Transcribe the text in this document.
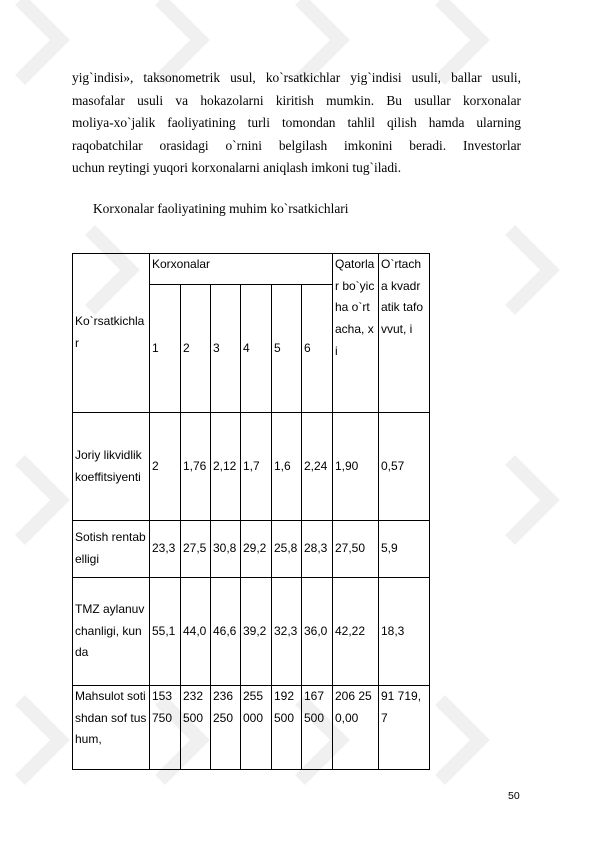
yig`indisi», taksonometrik usul, ko`rsatkichlar yig`indisi usuli, ballar usuli,
masofalar usuli va hokazolarni kiritish mumkin. Bu usullar korxonalar
moliya-xo`jalik faoliyatining turli tomondan tahlil qilish hamda ularning
raqobatchilar orasidagi o`rnini belgilash imkonini beradi. Investorlar
uchun reytingi yuqori korxonalarni aniqlash imkoni tug`iladi.
Korxonalar faoliyatining muhim ko`rsatkichlari
Ko`rsatkichlar	Korxonalar						Qatorlar bo`yicha o`rtacha, xi	O`rtacha kvadratik tafovvut, i
	1	2	3	4	5	6		
Joriy likvidlik koeffitsiyenti	2	1,76	2,12	1,7	1,6	2,24	1,90	0,57
Sotish rentabelligi	23,3	27,5	30,8	29,2	25,8	28,3	27,50	5,9
TMZ aylanuvchanligi, kunda	55,1	44,0	46,6	39,2	32,3	36,0	42,22	18,3
Mahsulot sotishdan sof tushum,	153 750	232 500	236 250	255 000	192 500	167 500	206 250,00	91 719,7
50
